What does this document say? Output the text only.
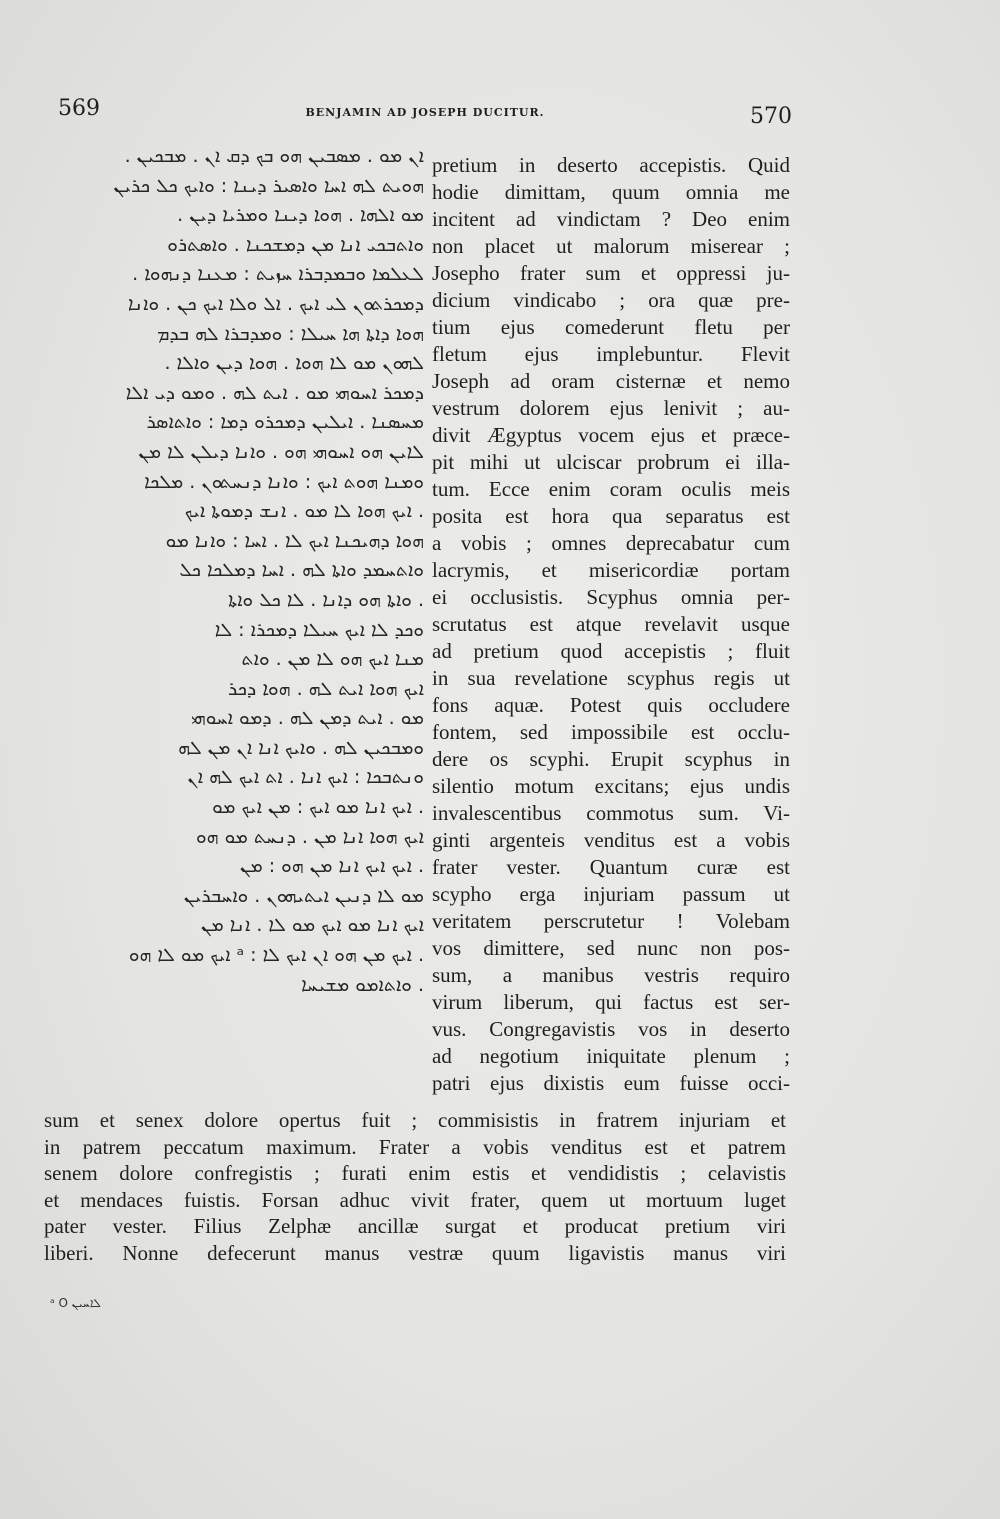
569	BENJAMIN AD JOSEPH DUCITUR.	570
ܐܢ ܡܘ . ܡܣܒܝܢ ܗܘ ܒܟ ܕܩ ܐܢ . ܡܒܟܝܢ .
ܗܘܝܬ ܠܗ ܐܚܐ ܘܐܣܝܪ ܕܝܢܐ : ܘܐܝܟ ܟܠ ܟܪܝܢ
ܡܘ ܐܠܗܐ . ܗܘܐ ܕܝܢܐ ܘܡܪܝܐ ܕܝܢ .
ܘܐܬܒܟܝ ܐܢܐ ܡܢ ܕܡܫܟܢܐ . ܘܐܣܬܪܘ
ܠܥܠܡܐ ܘܒܡܕܒܪܐ ܚܙܝܬ : ܡܥܢܐ ܕܢܗܘܐ .
ܕܡܟܪܬܘܢ ܠܝ ܐܝܟ . ܐܠ ܘܠܐ ܐܝܟ ܟܢ . ܘܐܢܐ
ܗܘܐ ܕܐܬܐ ܗܐ ܚܝܠܐ : ܘܡܕܒܪܐ ܠܗ ܒܕܡ
ܠܗܘܢ ܡܘ ܠܐ ܗܘܐ . ܗܘܐ ܕܝܢ ܘܐܠܐ .
ܕܡܟܪ ܐܚܘܗܝ ܡܘ . ܐܝܬ ܠܗ . ܘܡܘ ܕܝ ܐܠܐ
ܡܚܣܢܐ . ܐܝܠܝܢ ܕܡܟܪܘ ܕܡܐ : ܘܐܬܐܣܪ
ܠܐܝܢ ܗܘ ܐܚܘܗܝ ܗܘ . ܘܐܢܐ ܕܝܠܢ ܠܐ ܡܢ
ܘܡܢܐ ܗܘܬ ܐܝܟ : ܘܐܢܐ ܕܢܚܬܘܢ . ܡܠܟܐ
. ܐܝܟ ܗܘܐ ܠܐ ܡܘ . ܐܢܫ ܕܡܘܬܐ ܐܝܟ
ܗܘܐ ܕܗܝܟܢܐ ܐܝܟ ܠܐ . ܐܚܐ : ܘܐܢܐ ܡܘ
ܘܐܬܚܡܕ ܘܐܬܐ ܠܗ . ܐܚܐ ܕܡܠܟܐ ܟܠ
. ܘܐܬܐ ܗܘ ܕܐܢܐ . ܠܐ ܟܠ ܘܐܬܐ
ܘܟܕ ܠܐ ܐܝܟ ܚܝܠܐ ܕܡܟܪܐ : ܠܐ
ܡܢܐ ܐܝܟ ܗܘ ܠܐ ܡܢ . ܘܐܬ
ܐܝܟ ܗܘܐ ܐܝܬ ܠܗ . ܗܘܐ ܕܟܪ
ܡܘ . ܐܝܬ ܕܡܢ ܠܗ . ܕܡܘ ܐܚܘܗܝ
ܘܡܒܟܝܢ ܠܗ . ܘܐܝܟ ܐܢܐ ܐܢ ܡܢ ܠܗ
ܘܢܬܒܟܐ : ܐܝܟ ܐܢܐ . ܐܬ ܐܝܟ ܠܗ ܐܢ
. ܐܝܟ ܐܢܐ ܡܘ ܐܝܟ : ܡܢ ܐܝܟ ܡܘ
ܐܝܟ ܗܘܐ ܐܢܐ ܡܢ . ܕܢܚܬ ܡܘ ܗܘ
. ܐܝܟ ܐܝܟ ܐܢܐ ܡܢ ܗܘ : ܡܢ
ܡܘ ܠܐ ܕܢܝܢ ܐܝܬܝܗܘܢ . ܘܐܚܒܪܝܢ
ܐܝܟ ܐܢܐ ܡܘ ܐܝܟ ܡܘ ܠܐ . ܐܢܐ ܡܢ
. ܐܝܟ ܡܢ ܗܘ ܐܢ ܐܝܟ ܠܐ : ᵃ ܐܝܟ ܡܘ ܠܐ ܗܘ
. ܘܐܬܐܡܘ ܡܫܝܚܐ
pretium in deserto accepistis. Quid
hodie dimittam, quum omnia me
incitent ad vindictam ? Deo enim
non placet ut malorum miserear ;
Josepho frater sum et oppressi ju-
dicium vindicabo ; ora quæ pre-
tium ejus comederunt fletu per
fletum ejus implebuntur. Flevit
Joseph ad oram cisternæ et nemo
vestrum dolorem ejus lenivit ; au-
divit Ægyptus vocem ejus et præce-
pit mihi ut ulciscar probrum ei illa-
tum. Ecce enim coram oculis meis
posita est hora qua separatus est
a vobis ; omnes deprecabatur cum
lacrymis, et misericordiæ portam
ei occlusistis. Scyphus omnia per-
scrutatus est atque revelavit usque
ad pretium quod accepistis ; fluit
in sua revelatione scyphus regis ut
fons aquæ. Potest quis occludere
fontem, sed impossibile est occlu-
dere os scyphi. Erupit scyphus in
silentio motum excitans; ejus undis
invalescentibus commotus sum. Vi-
ginti argenteis venditus est a vobis
frater vester. Quantum curæ est
scypho erga injuriam passum ut
veritatem perscrutetur ! Volebam
vos dimittere, sed nunc non pos-
sum, a manibus vestris requiro
virum liberum, qui factus est ser-
vus. Congregavistis vos in deserto
ad negotium iniquitate plenum ;
patri ejus dixistis eum fuisse occi-
sum et senex dolore opertus fuit ; commisistis in fratrem injuriam et
in patrem peccatum maximum. Frater a vobis venditus est et patrem
senem dolore confregistis ; furati enim estis et vendidistis ; celavistis
et mendaces fuistis. Forsan adhuc vivit frater, quem ut mortuum luget
pater vester. Filius Zelphæ ancillæ surgat et producat pretium viri
liberi. Nonne defecerunt manus vestræ quum ligavistis manus viri
ᵃ O ܠܐܚܝܢ
